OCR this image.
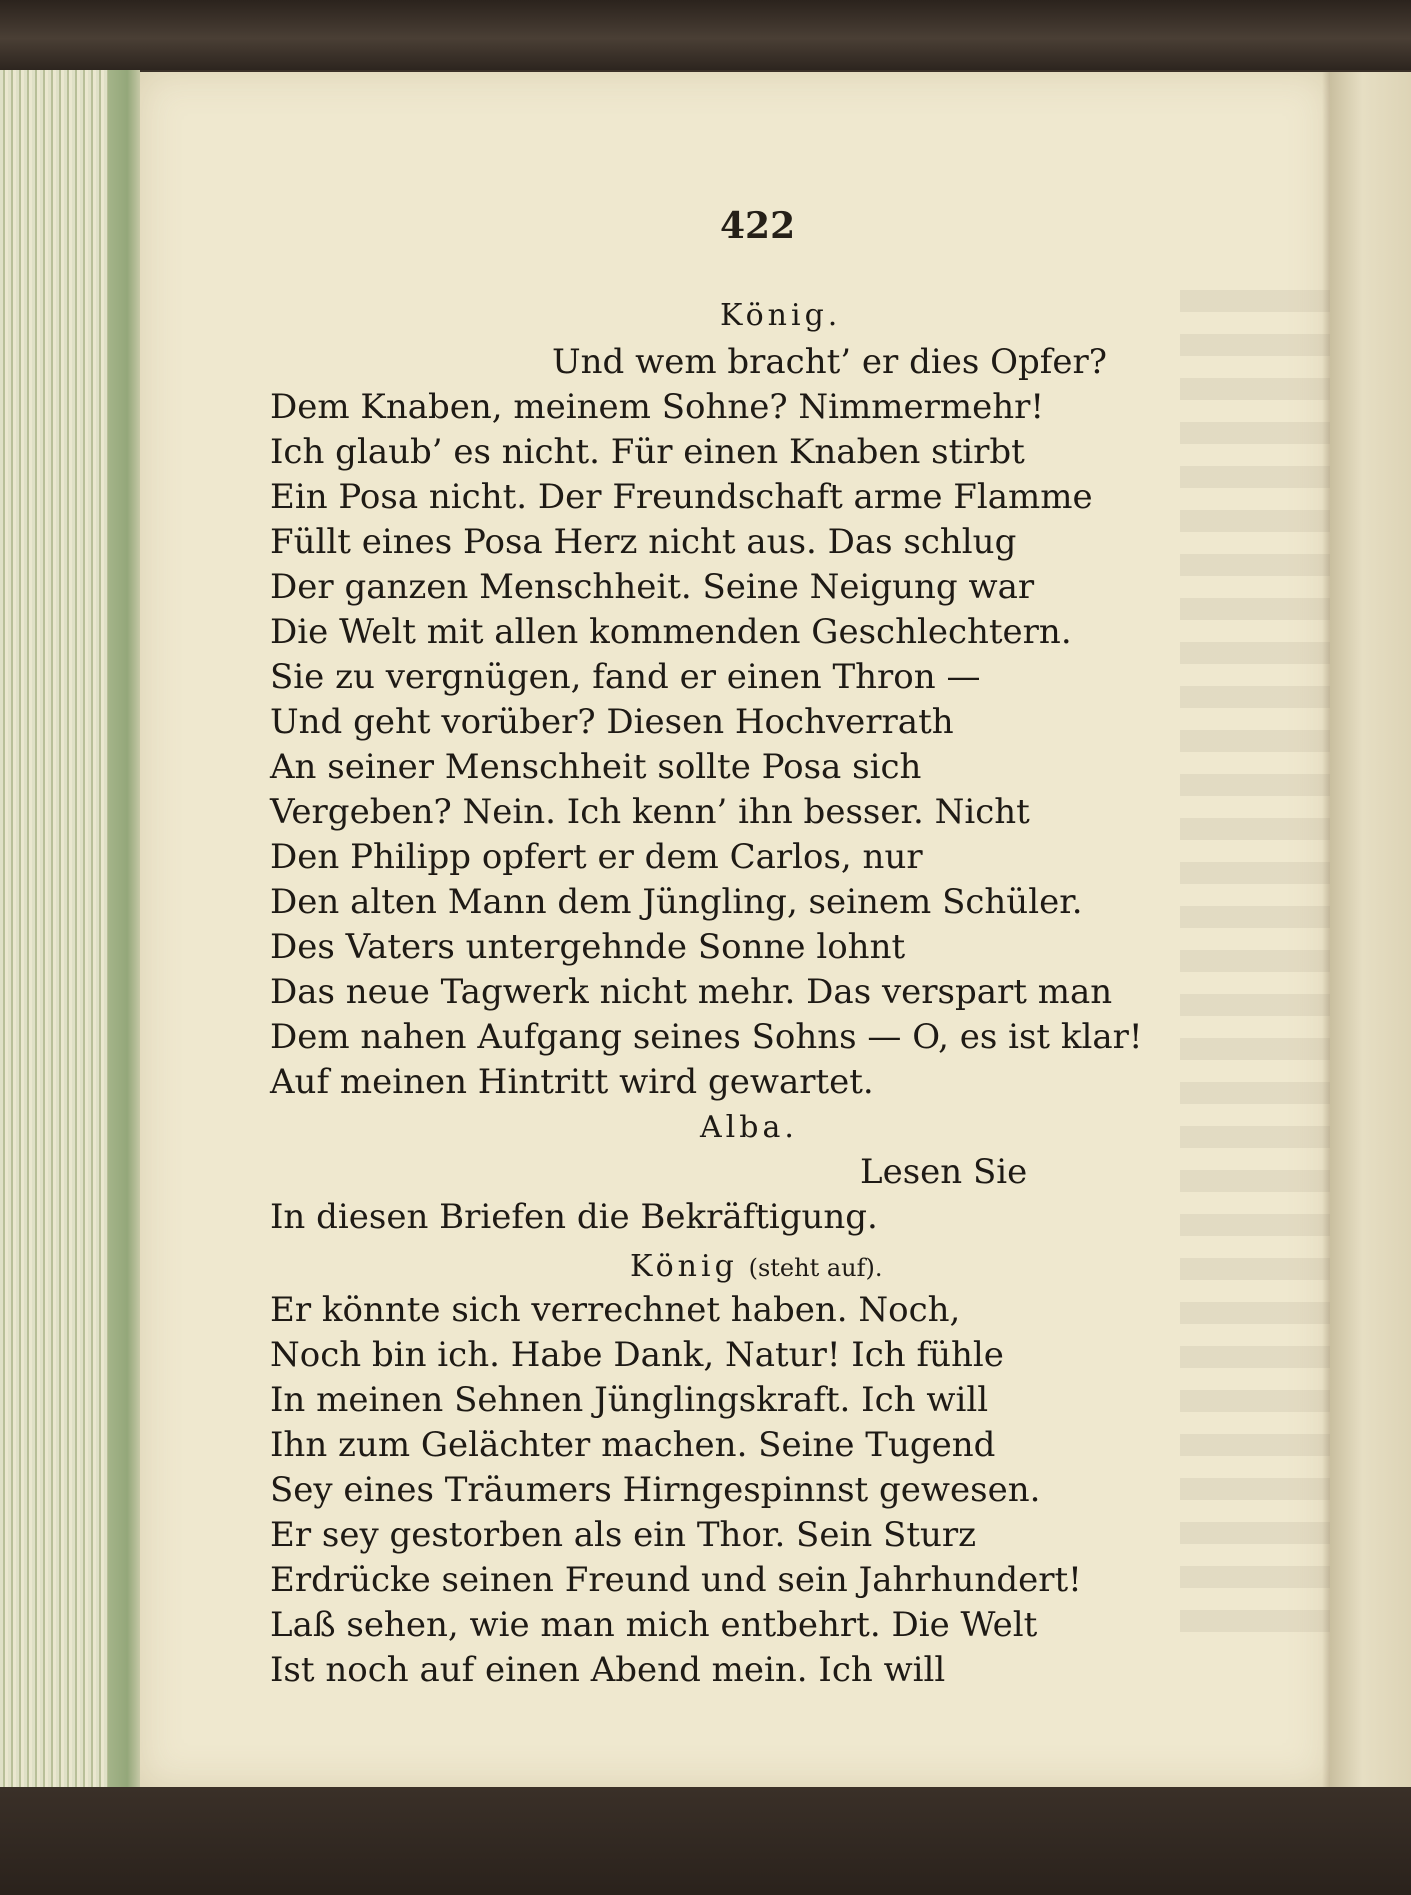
422
König.
Und wem bracht’ er dies Opfer?
Dem Knaben, meinem Sohne? Nimmermehr!
Ich glaub’ es nicht. Für einen Knaben stirbt
Ein Posa nicht. Der Freundschaft arme Flamme
Füllt eines Posa Herz nicht aus. Das schlug
Der ganzen Menschheit. Seine Neigung war
Die Welt mit allen kommenden Geschlechtern.
Sie zu vergnügen, fand er einen Thron —
Und geht vorüber? Diesen Hochverrath
An seiner Menschheit sollte Posa sich
Vergeben? Nein. Ich kenn’ ihn besser. Nicht
Den Philipp opfert er dem Carlos, nur
Den alten Mann dem Jüngling, seinem Schüler.
Des Vaters untergehnde Sonne lohnt
Das neue Tagwerk nicht mehr. Das verspart man
Dem nahen Aufgang seines Sohns — O, es ist klar!
Auf meinen Hintritt wird gewartet.
Alba.
Lesen Sie
In diesen Briefen die Bekräftigung.
König (steht auf).
Er könnte sich verrechnet haben. Noch,
Noch bin ich. Habe Dank, Natur! Ich fühle
In meinen Sehnen Jünglingskraft. Ich will
Ihn zum Gelächter machen. Seine Tugend
Sey eines Träumers Hirngespinnst gewesen.
Er sey gestorben als ein Thor. Sein Sturz
Erdrücke seinen Freund und sein Jahrhundert!
Laß sehen, wie man mich entbehrt. Die Welt
Ist noch auf einen Abend mein. Ich will
